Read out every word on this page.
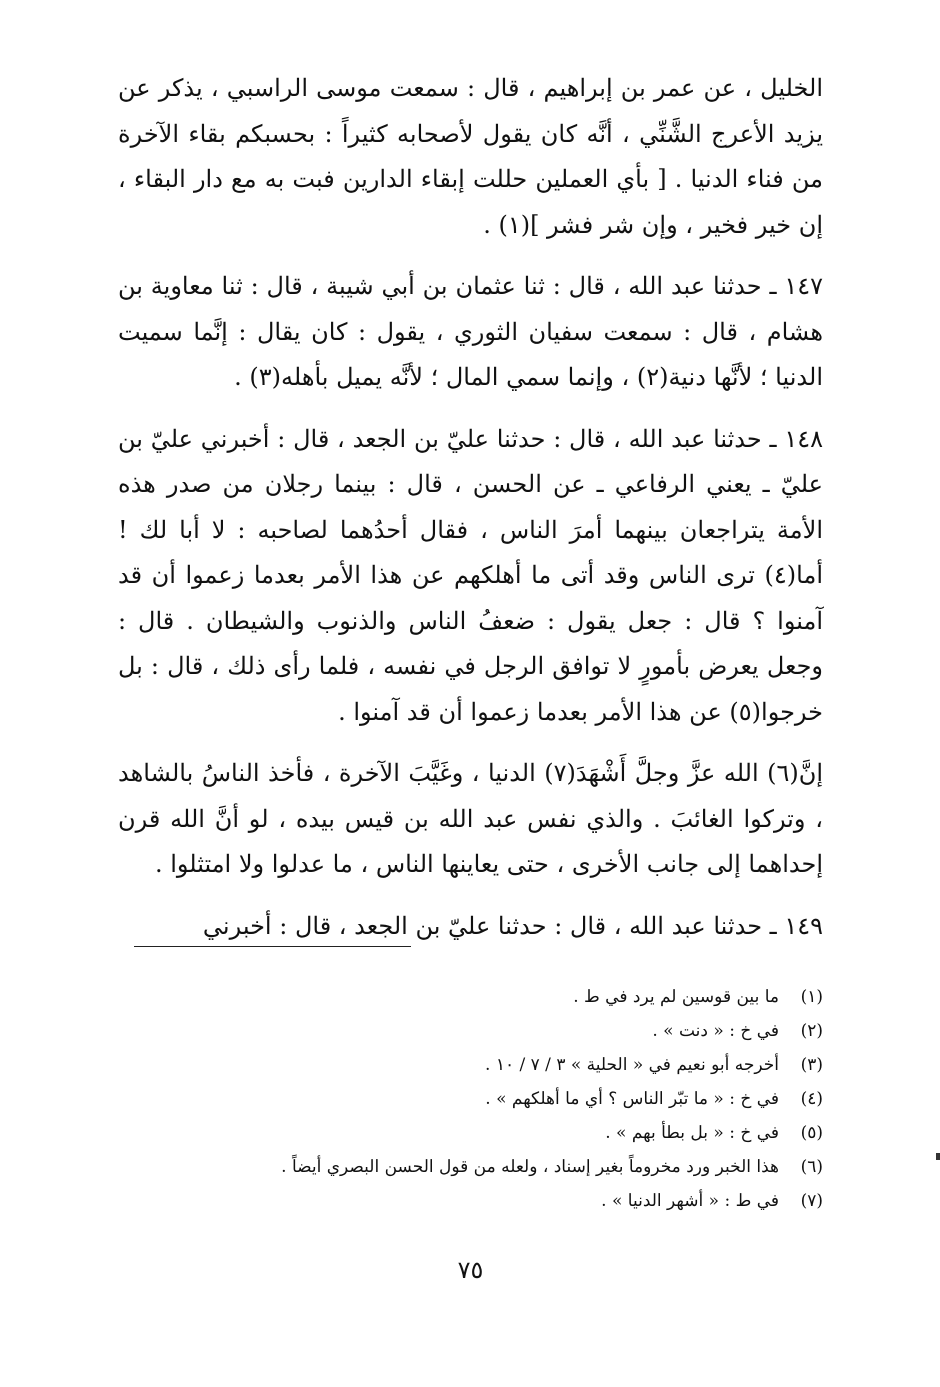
الخليل ، عن عمر بن إبراهيم ، قال : سمعت موسى الراسبي ، يذكر عن يزيد الأعرج الشَّنِّي ، أنَّه كان يقول لأصحابه كثيراً : بحسبكم بقاء الآخرة من فناء الدنيا . [ بأي العملين حللت إبقاء الدارين فبت به مع دار البقاء ، إن خير فخير ، وإن شر فشر ](١) .

١٤٧ ـ حدثنا عبد الله ، قال : ثنا عثمان بن أبي شيبة ، قال : ثنا معاوية بن هشام ، قال : سمعت سفيان الثوري ، يقول : كان يقال : إنَّما سميت الدنيا ؛ لأنَّها دنية(٢) ، وإنما سمي المال ؛ لأنَّه يميل بأهله(٣) .

١٤٨ ـ حدثنا عبد الله ، قال : حدثنا عليّ بن الجعد ، قال : أخبرني عليّ بن عليّ ـ يعني الرفاعي ـ عن الحسن ، قال : بينما رجلان من صدر هذه الأمة يتراجعان بينهما أمرَ الناس ، فقال أحدُهما لصاحبه : لا أبا لك ! أما(٤) ترى الناس وقد أتى ما أهلكهم عن هذا الأمر بعدما زعموا أن قد آمنوا ؟ قال : جعل يقول : ضعفُ الناس والذنوب والشيطان . قال : وجعل يعرض بأمورٍ لا توافق الرجل في نفسه ، فلما رأى ذلك ، قال : بل خرجوا(٥) عن هذا الأمر بعدما زعموا أن قد آمنوا .

إنَّ(٦) الله عزَّ وجلَّ أَشْهَدَ(٧) الدنيا ، وغَيَّبَ الآخرة ، فأخذ الناسُ بالشاهد ، وتركوا الغائبَ . والذي نفس عبد الله بن قيس بيده ، لو أنَّ الله قرن إحداهما إلى جانب الأخرى ، حتى يعاينها الناس ، ما عدلوا ولا امتثلوا .

١٤٩ ـ حدثنا عبد الله ، قال : حدثنا عليّ بن الجعد ، قال : أخبرني

(١)
ما بين قوسين لم يرد في ط .
(٢)
في خ : « دنت » .
(٣)
أخرجه أبو نعيم في « الحلية » ٣ / ٧ / ١٠ .
(٤)
في خ : « ما تبّر الناس ؟ أي ما أهلكهم » .
(٥)
في خ : « بل بطأ بهم » .
(٦)
هذا الخبر ورد مخروماً بغير إسناد ، ولعله من قول الحسن البصري أيضاً .
(٧)
في ط : « أشهر الدنيا » .
٧٥
